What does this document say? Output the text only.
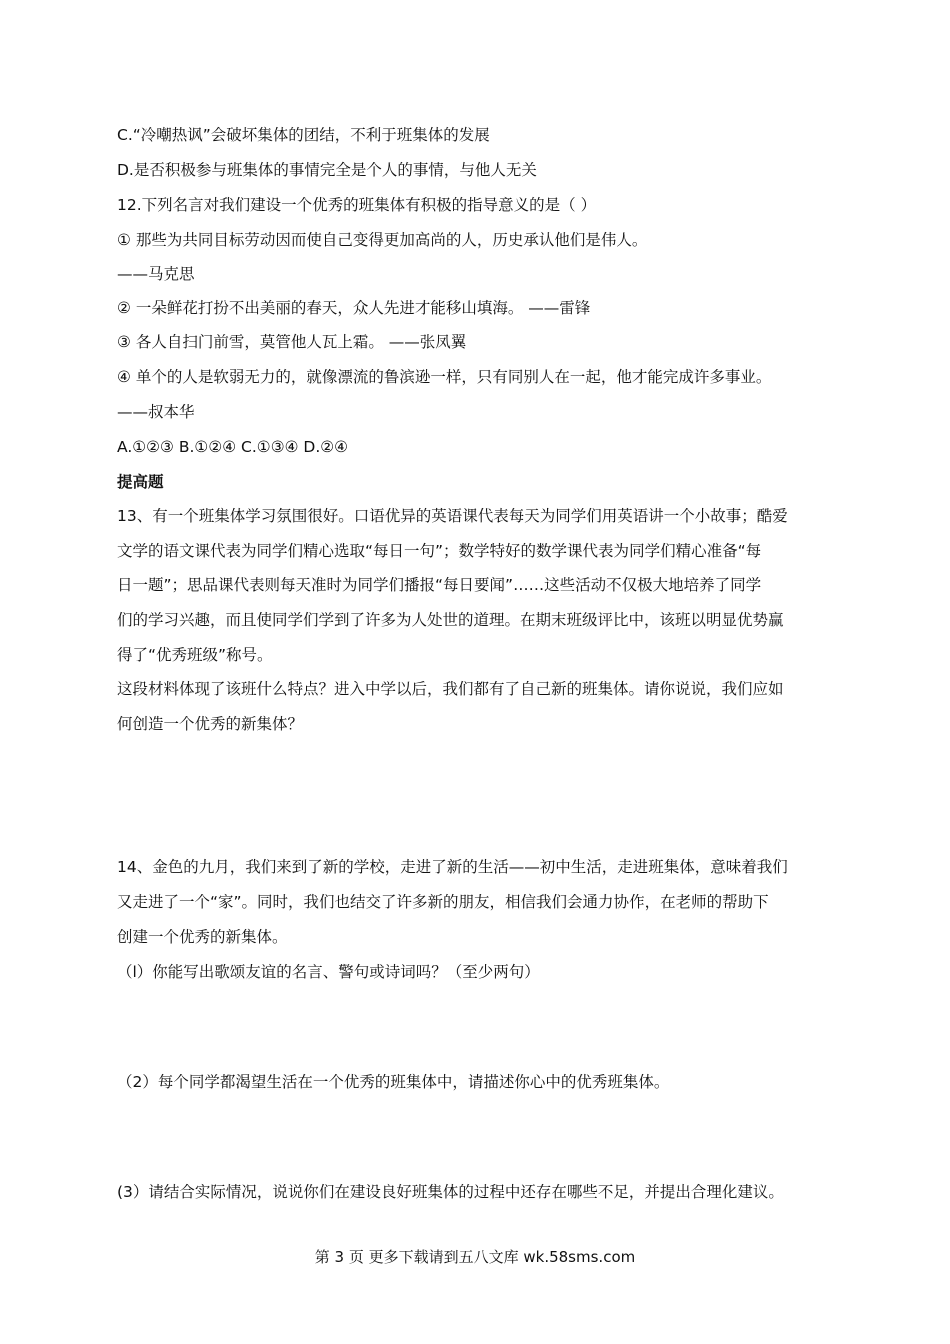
C.“冷嘲热讽”会破坏集体的团结，不利于班集体的发展
D.是否积极参与班集体的事情完全是个人的事情，与他人无关
12.下列名言对我们建设一个优秀的班集体有积极的指导意义的是（ ）
① 那些为共同目标劳动因而使自己变得更加高尚的人，历史承认他们是伟人。
——马克思
② 一朵鲜花打扮不出美丽的春天，众人先进才能移山填海。 ——雷锋
③ 各人自扫门前雪，莫管他人瓦上霜。 ——张凤翼
④ 单个的人是软弱无力的，就像漂流的鲁滨逊一样，只有同别人在一起，他才能完成许多事业。
——叔本华
A.①②③ B.①②④ C.①③④ D.②④
提高题
13、有一个班集体学习氛围很好。口语优异的英语课代表每天为同学们用英语讲一个小故事；酷爱
文学的语文课代表为同学们精心选取“每日一句”；数学特好的数学课代表为同学们精心准备“每
日一题”；思品课代表则每天准时为同学们播报“每日要闻”……这些活动不仅极大地培养了同学
们的学习兴趣，而且使同学们学到了许多为人处世的道理。在期末班级评比中，该班以明显优势赢
得了“优秀班级”称号。
这段材料体现了该班什么特点？进入中学以后，我们都有了自己新的班集体。请你说说，我们应如
何创造一个优秀的新集体？
14、金色的九月，我们来到了新的学校，走进了新的生活——初中生活，走进班集体，意味着我们
又走进了一个“家”。同时，我们也结交了许多新的朋友，相信我们会通力协作，在老师的帮助下
创建一个优秀的新集体。
（l）你能写出歌颂友谊的名言、警句或诗词吗？（至少两句）
（2）每个同学都渴望生活在一个优秀的班集体中，请描述你心中的优秀班集体。
(3）请结合实际情况，说说你们在建设良好班集体的过程中还存在哪些不足，并提出合理化建议。
第 3 页 更多下载请到五八文库 wk.58sms.com
